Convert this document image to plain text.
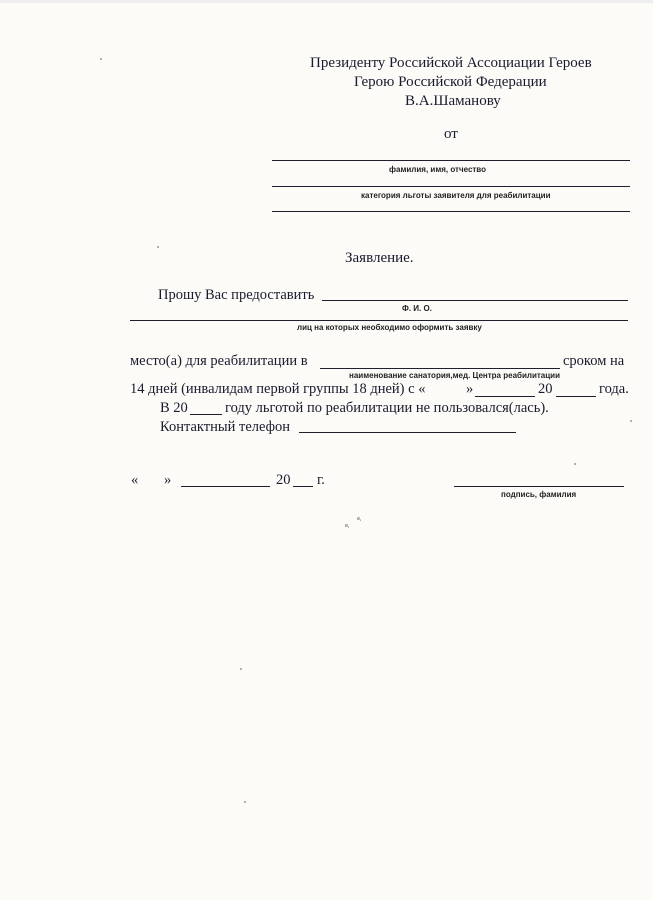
Президенту Российской Ассоциации Героев
Герою Российской Федерации
В.А.Шаманову
от
фамилия, имя, отчество
категория льготы заявителя для реабилитации
Заявление.
Прошу Вас предоставить
Ф. И. О.
лиц на которых необходимо оформить заявку
место(а) для реабилитации в
наименование санатория,мед. Центра реабилитации
сроком на
14 дней (инвалидам первой группы 18 дней) с «	»	20	года.
В 20	году льготой по реабилитации не пользовался(лась).
Контактный телефон
« »	20 г.
подпись, фамилия
я,
я,
